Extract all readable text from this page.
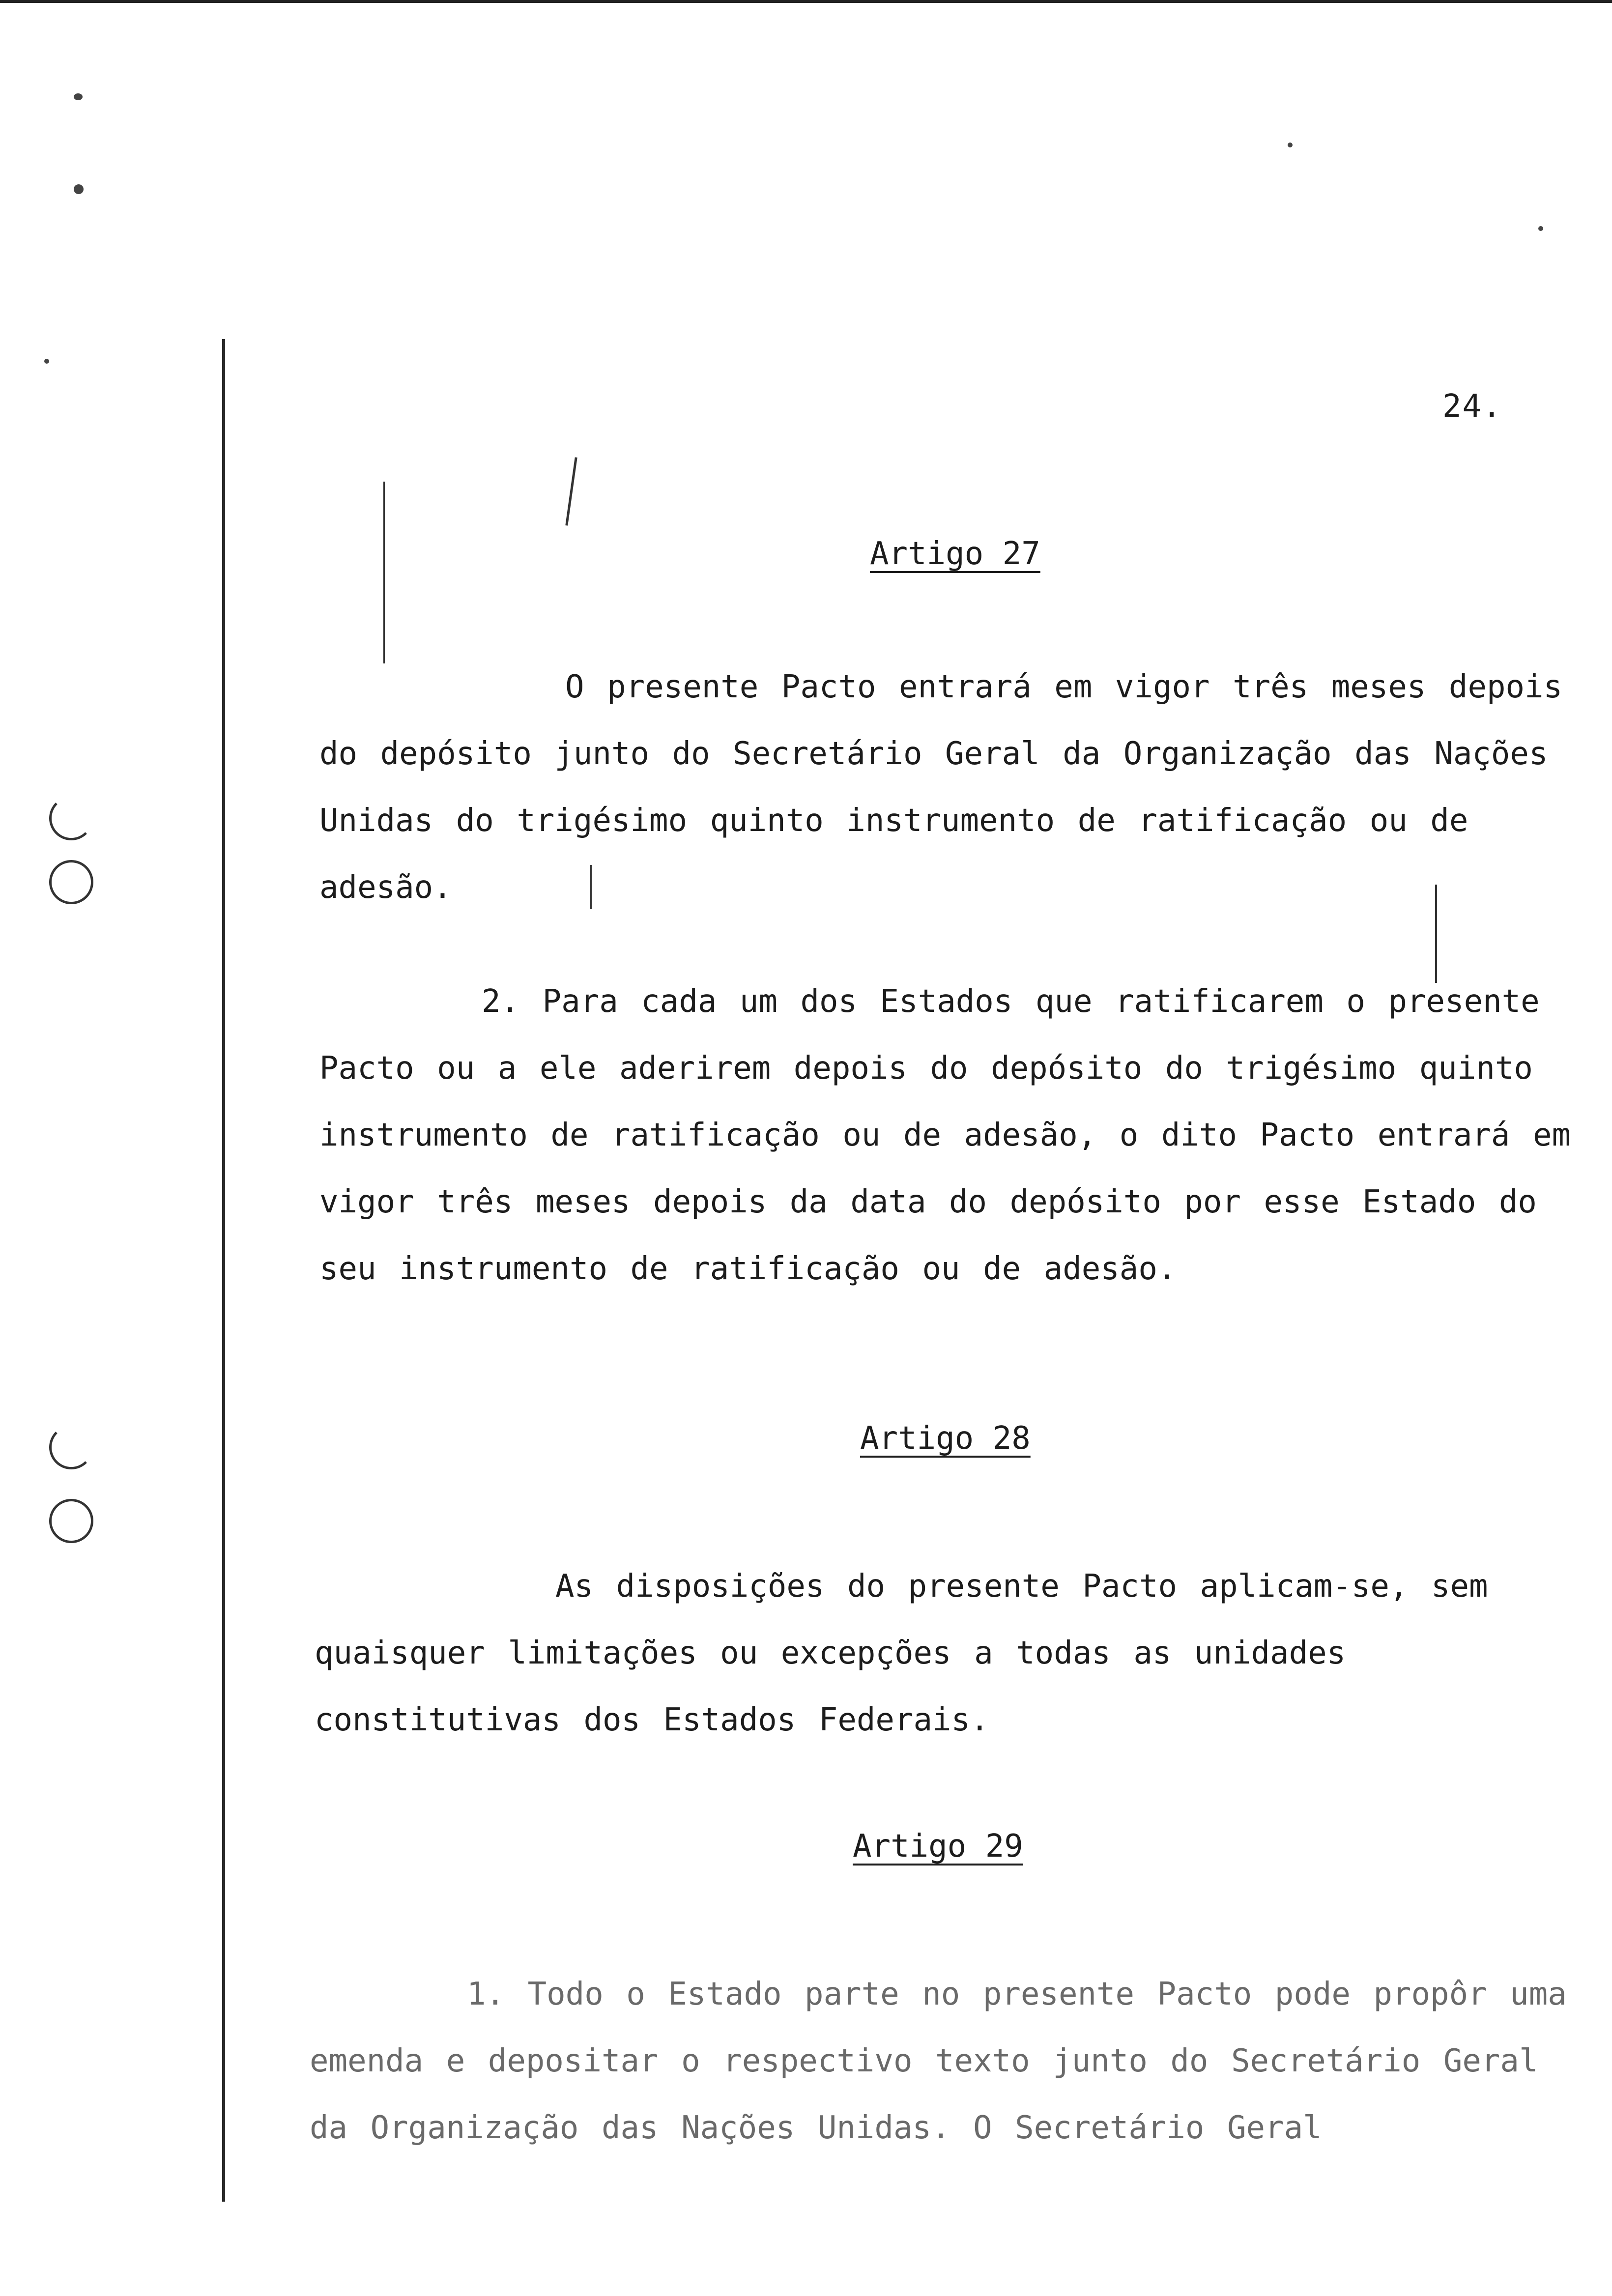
24.
Artigo 27

O presente Pacto entrará em vigor três meses depois do depósito junto do Secretário Geral da Organização das Nações Unidas do trigésimo quinto instrumento de ratificação ou de adesão.

2. Para cada um dos Estados que ratificarem o presente Pacto ou a ele aderirem depois do depósito do trigésimo quinto instrumento de ratificação ou de adesão, o dito Pacto entrará em vigor três meses depois da data do depósito por esse Estado do seu instrumento de ratificação ou de adesão.

Artigo 28

As disposições do presente Pacto aplicam-se, sem quaisquer limitações ou excepções a todas as unidades constitutivas dos Estados Federais.

Artigo 29

1. Todo o Estado parte no presente Pacto pode propôr uma emenda e depositar o respectivo texto junto do Secretário Geral da Organização das Nações Unidas. O Secretário Geral
